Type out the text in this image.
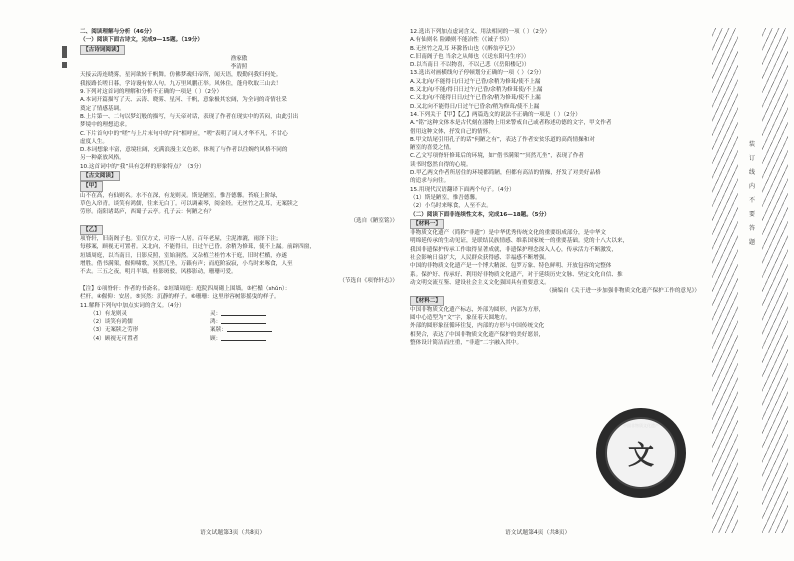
二、阅读理解与分析（46分）
（一）阅读下面古诗文，完成9—15题。（19分）
【古诗词阅读】
渔家傲
李清照
天接云涛连晓雾，星河欲转千帆舞。仿佛梦魂归帝所，闻天语，殷勤问我归何处。
我报路长嗟日暮，学诗谩有惊人句。九万里风鹏正举。风休住，蓬舟吹取三山去！
9.下列对这首词的理解和分析不正确的一项是（ ）（2分）
A.本词开篇描写了天、云涛、晓雾、星河、千帆，意象极其宏阔，为全词的奇情壮采
奠定了情感基调。
B.上片第一、二句以梦幻般的描写，与天帝对话，表现了作者在现实中的苦闷，由此引出
梦境中的理想追求。
C.下片首句中的“嗟”与上片末句中的“问”相呼应，“嗟”表明了词人才华不凡，不甘心
虚度人生。
D.本词想象丰富，意境壮阔，充满浪漫主义色彩，体现了与作者以往婉约风格不同的
另一种豪放风格。
10.这首词中的“我”具有怎样的形象特点？（3分）
【古文阅读】
【甲】
山不在高，有仙则名。水不在深，有龙则灵。斯是陋室，惟吾德馨。苔痕上阶绿，
草色入帘青。谈笑有鸿儒，往来无白丁。可以调素琴，阅金经。无丝竹之乱耳，无案牍之
劳形。南阳诸葛庐，西蜀子云亭。孔子云：何陋之有？
（选自《陋室铭》）
【乙】
项脊轩，旧南阁子也。室仅方丈，可容一人居。百年老屋，尘泥渗漉，雨泽下注；
每移案，顾视无可置者。又北向，不能得日，日过午已昏。余稍为修葺，使不上漏。前辟四窗，
垣墙周庭，以当南日，日影反照，室始洞然。又杂植兰桂竹木于庭，旧时栏楯，亦遂
增胜。借书满架，偃仰啸歌，冥然兀坐，万籁有声；而庭阶寂寂，小鸟时来啄食，人至
不去。三五之夜，明月半墙，桂影斑驳，风移影动，珊珊可爱。
（节选自《项脊轩志》）
【注】①项脊轩：作者的书斋名。②垣墙周庭：庭院四周砌上围墙。③栏楯（shǔn）：
栏杆。④偃仰：安居。⑤冥然：沉静的样子。⑥珊珊：这里形容树影摇曳的样子。
11.解释下列句中加点实词的含义。（4分）
（1）有龙则灵	灵：
（2）谈笑有鸿儒	鸿：
（3）无案牍之劳形	案牍：
（4）顾视无可置者	顾：
语文试题第3页（共8页）
12.选出下列加点虚词含义、用法相同的一项（ ）（2分）
A.有仙则名 险躁则不能冶性（《诫子书》）
B.无丝竹之乱耳 环滁皆山也（《醉翁亭记》）
C.旧南阁子也 当余之从师也（《送东阳马生序》）
D.以当南日 不以物喜，不以己悲（《岳阳楼记》）
13.选出对画横线句子停顿划分正确的一项（ ）（2分）
A.又北向/不能得日/日过午已昏/余稍为修葺/使不上漏
B.又北向/不能/得日日过午/已昏/余稍为修葺使/不上漏
C.又北向/不能得日日/过午已昏余/稍为修葺/使不上漏
D.又北向不能得日/日过午已昏余/稍为修葺/使不上漏
14.下列关于【甲】【乙】两篇选文的说法不正确的一项是（ ）（2分）
A.“铭”这种文体本是古代刻在器物上用来警戒自己或者称述功德的文字，甲文作者
借用这种文体，抒发自己的情怀。
B.甲文结尾引用孔子的话“何陋之有”，表达了作者安贫乐道的高尚情操和对
陋室的喜爱之情。
C.乙文写项脊轩修葺后的环境，如“借书满架”“冥然兀坐”，表现了作者
读书时悠然自得的心境。
D.甲乙两文作者所居住的环境都简陋，但都有高洁的情操，抒发了对美好品格
的追求与向往。
15.用现代汉语翻译下面两个句子。（4分）
（1）斯是陋室，惟吾德馨。
（2）小鸟时来啄食，人至不去。
（二）阅读下面非连续性文本，完成16—18题。（5分）
【材料一】
非物质文化遗产（简称“非遗”）是中华优秀传统文化的重要组成部分，是中华文
明绵延传承的生动见证，是联结民族情感、维系国家统一的重要基础。党的十八大以来，
我国非遗保护传承工作取得显著成就，非遗保护理念深入人心，传承活力不断激发，
社会影响日益扩大，人民群众获得感、幸福感不断增强。
中国的非物质文化遗产是一个博大精深、包罗万象、特色鲜明、开放包容的完整体
系。保护好、传承好、利用好非物质文化遗产，对于延续历史文脉、坚定文化自信、推
动文明交流互鉴、建设社会主义文化强国具有重要意义。
（摘编自《关于进一步加强非物质文化遗产保护工作的意见》）
【材料二】
中国非物质文化遗产标志，外部为圆形，内部为方形，
圆中心造型为“文”字，象征着天圆地方。
外部的圆形象征循环往复，内部的方形与中国传统文化
相契合，表达了中国非物质文化遗产保护的美好愿景，
整体设计简洁而庄重，“非遗”二字融入其中。
语文试题第4页（共8页）
中国非物质文化遗产
文
装 订 线 内 不 要 答 题
